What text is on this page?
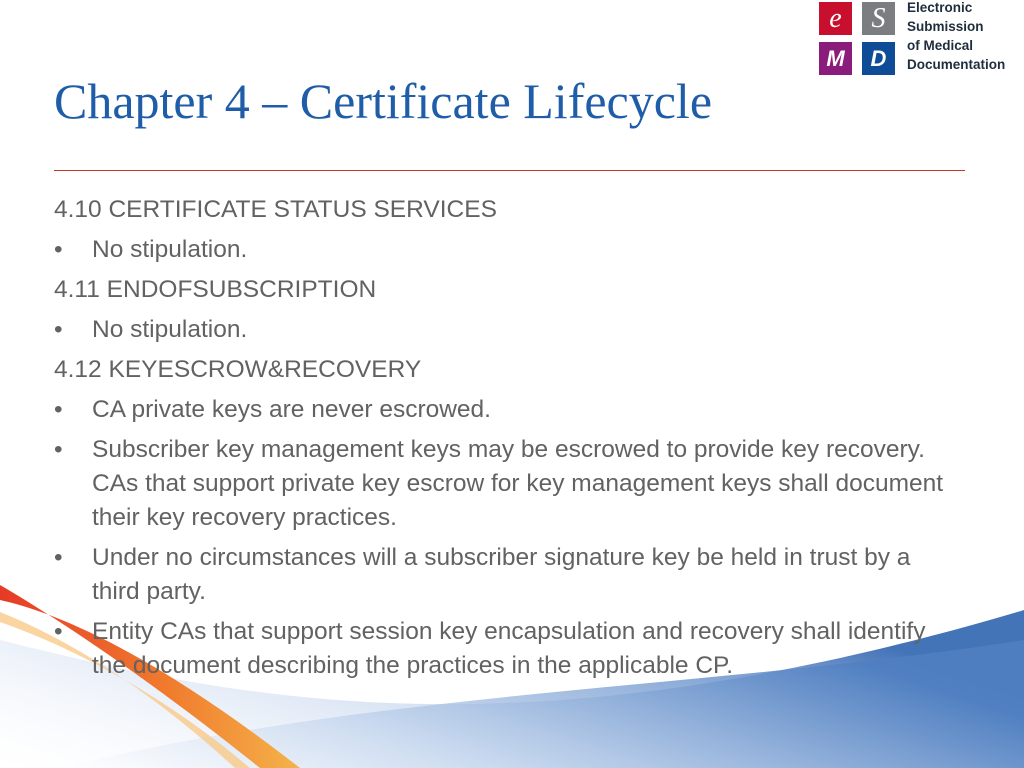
e	S
M	D
Electronic
Submission
of Medical
Documentation
Chapter 4 – Certificate Lifecycle
4.10 CERTIFICATE STATUS SERVICES
• No stipulation.
4.11 ENDOFSUBSCRIPTION
• No stipulation.
4.12 KEYESCROW&RECOVERY
• CA private keys are never escrowed.
• Subscriber key management keys may be escrowed to provide key recovery. CAs that support private key escrow for key management keys shall document their key recovery practices.
• Under no circumstances will a subscriber signature key be held in trust by a third party.
• Entity CAs that support session key encapsulation and recovery shall identify the document describing the practices in the applicable CP.
